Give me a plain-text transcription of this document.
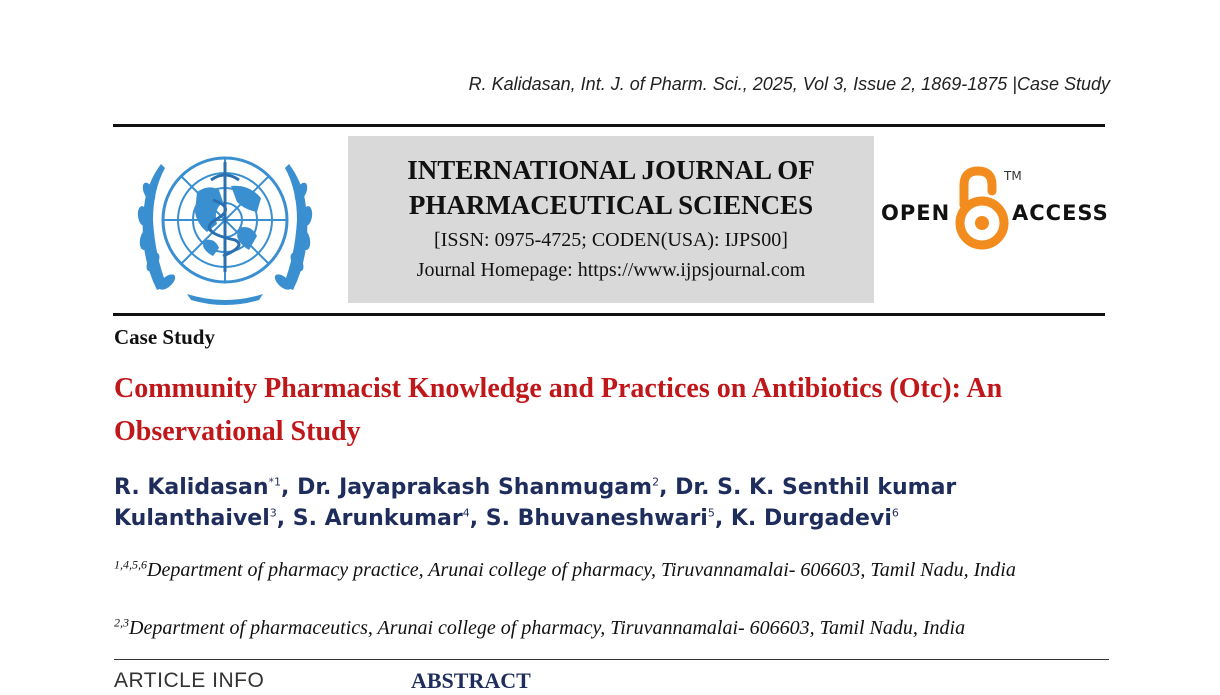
R. Kalidasan, Int. J. of Pharm. Sci., 2025, Vol 3, Issue 2, 1869-1875 |Case Study
INTERNATIONAL JOURNAL OF
PHARMACEUTICAL SCIENCES
[ISSN: 0975-4725; CODEN(USA): IJPS00]
Journal Homepage: https://www.ijpsjournal.com
OPEN	ACCESS
TM
Case Study
Community Pharmacist Knowledge and Practices on Antibiotics (Otc): An Observational Study
R. Kalidasan$^{*1}$, Dr. Jayaprakash Shanmugam$^2$, Dr. S. K. Senthil kumar Kulanthaivel$^3$, S. Arunkumar$^4$, S. Bhuvaneshwari$^5$, K. Durgadevi$^6$
$^{1,4,5,6}$Department of pharmacy practice, Arunai college of pharmacy, Tiruvannamalai- 606603, Tamil Nadu, India
$^{2,3}$Department of pharmaceutics, Arunai college of pharmacy, Tiruvannamalai- 606603, Tamil Nadu, India
ARTICLE INFO	ABSTRACT
